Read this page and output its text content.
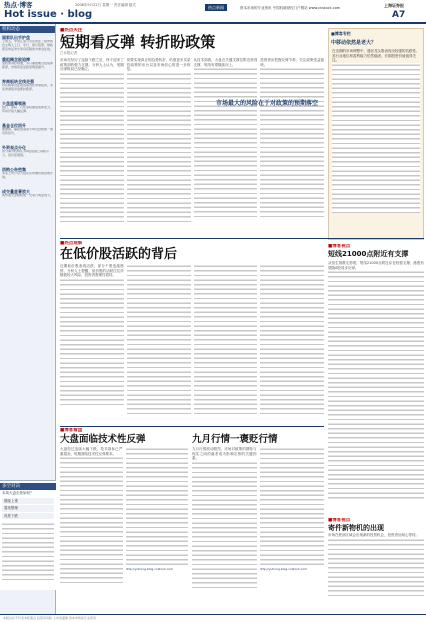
热点·博客
Hot issue · blog
2008年9月22日 星期一 责任编辑 版式	热点新闻	资本市场的专业资讯 中国权威财经门户网站 www.cnstock.com	上海证券报
A7
机构动态
国家队出手护盘
上周五，中央汇金公司宣布在二级市场自主购入工行、中行、建行股票，财政部宣布证券交易印花税改为单边征收。
重组概念股追捧
受政策利好刺激，多只重组概念股集体涨停，市场资金活跃度明显提升。
券商板块全线走强
印花税单边征收直接利好券商板块，多家券商股早盘即封涨停。
大盘蓝筹领涨
银行、保险、石化等权重股集体发力，带动沪指大幅反弹。
基金仓位回升
据测算，偏股型基金平均仓位较前一周有所回升。
外资观点分化
部分海外机构认为A股估值已具吸引力，但仍需观察。
回购公告密集
多家上市公司大股东宣布增持或回购计划。
成交量显著放大
两市成交金额较前一交易日明显放大。
多空对决
本周大盘走势如何？
继续上涨
震荡整理
再度下跌
■热点关注
短期看反弹 转折盼政策
□本报记者
市场在经历了连续下跌之后，终于迎来了政策面的强力支撑。分析人士认为，短期反弹格局已经确立。
但要实现真正的趋势转折，仍需更多实质性政策的出台以及市场信心的进一步恢复。
从技术面看，大盘在关键支撑位附近获得支撑，短线有望继续向上。
投资者应把握反弹节奏，关注政策受益板块。
市场最大的风险在于对政策的预期落空
■博客专栏
中移动依然是老大？
在近期的市场调整中，通信龙头股表现出较强的抗跌性，其行业地位和盈利能力依然稳固，长期投资价值值得关注。
■热点观察
在低价股活跃的背后
近期低价股表现活跃，部分个股连续涨停。分析人士提醒，低价股的活跃往往伴随着较大风险，投资者需理性看待。
■博客视点
短线21000点附近有支撑
从恒生指数走势看，短线21000点附近存在较强支撑，港股有望随A股同步反弹。
■博客看盘
大盘面临技术性反弹
大盘经过连续大幅下跌，技术指标已严重超卖，短期面临技术性反弹要求。
http://yuhong.blog.cnstock.com
九月行情一褒贬行情
九月行情波动剧烈，市场对政策的期待与现实之间的落差成为影响走势的关键因素。
http://yuhong.blog.cnstock.com
■博客视点
寄件新物机的出现
市场在底部区域会出现新的投资机会，投资者应耐心等待。
本版言论不代表本报观点 投资有风险 入市需谨慎 资本市场的专业资讯
